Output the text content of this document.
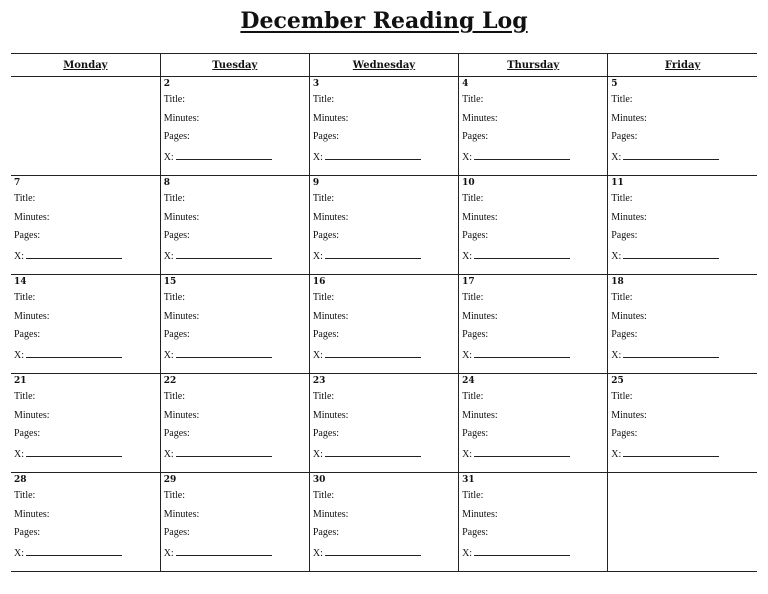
December Reading Log
Monday	Tuesday	Wednesday	Thursday	Friday

	2
Title:
Minutes:
Pages:
X:	3
Title:
Minutes:
Pages:
X:	4
Title:
Minutes:
Pages:
X:	5
Title:
Minutes:
Pages:
X:

7
Title:
Minutes:
Pages:
X:	8
Title:
Minutes:
Pages:
X:	9
Title:
Minutes:
Pages:
X:	10
Title:
Minutes:
Pages:
X:	11
Title:
Minutes:
Pages:
X:

14
Title:
Minutes:
Pages:
X:	15
Title:
Minutes:
Pages:
X:	16
Title:
Minutes:
Pages:
X:	17
Title:
Minutes:
Pages:
X:	18
Title:
Minutes:
Pages:
X:

21
Title:
Minutes:
Pages:
X:	22
Title:
Minutes:
Pages:
X:	23
Title:
Minutes:
Pages:
X:	24
Title:
Minutes:
Pages:
X:	25
Title:
Minutes:
Pages:
X:

28
Title:
Minutes:
Pages:
X:	29
Title:
Minutes:
Pages:
X:	30
Title:
Minutes:
Pages:
X:	31
Title:
Minutes:
Pages:
X:	
